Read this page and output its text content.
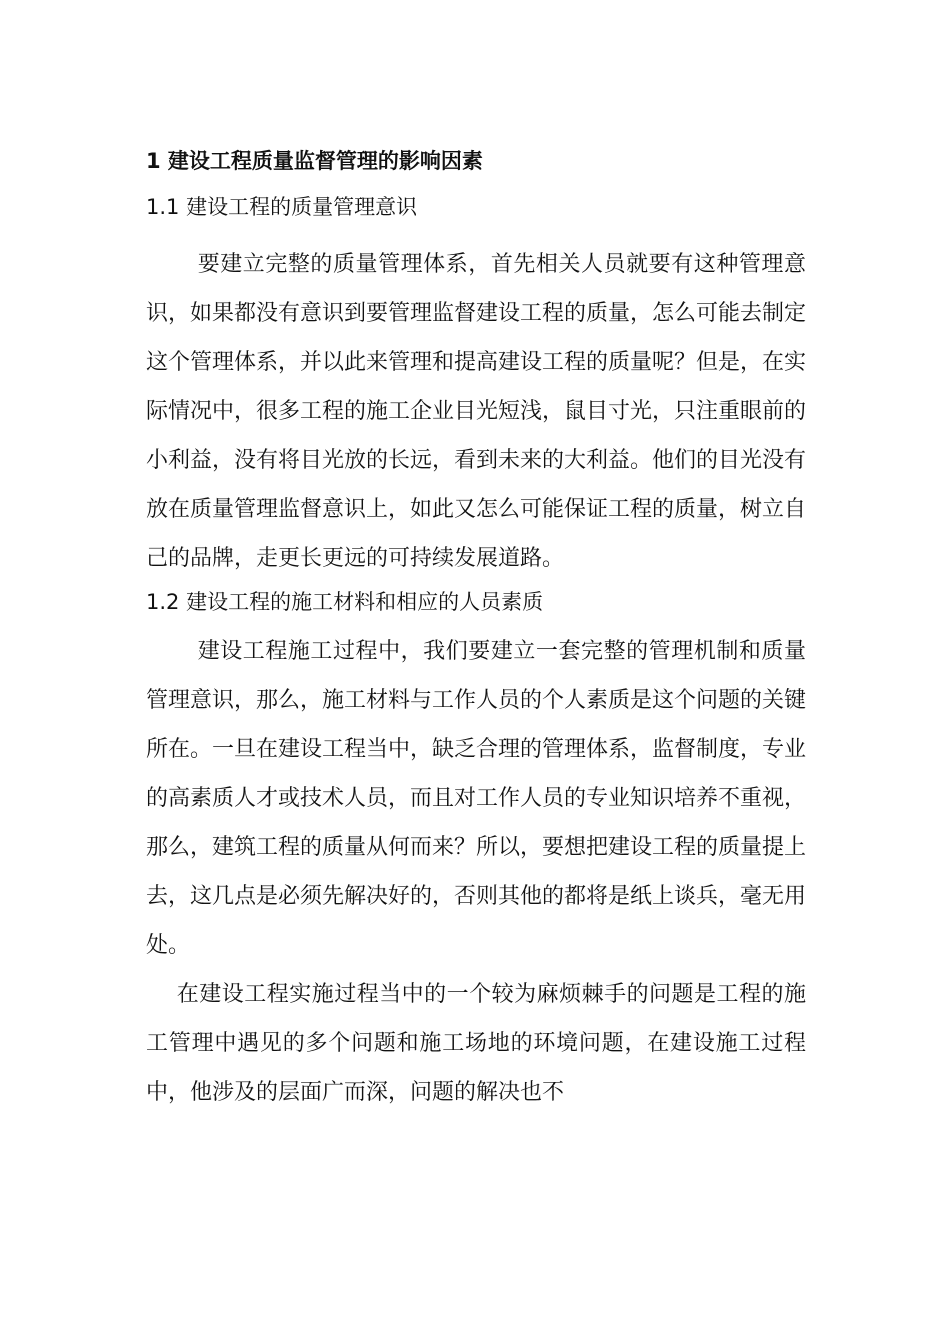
1 建设工程质量监督管理的影响因素
1.1 建设工程的质量管理意识

要建立完整的质量管理体系，首先相关人员就要有这种管理意识，如果都没有意识到要管理监督建设工程的质量，怎么可能去制定这个管理体系，并以此来管理和提高建设工程的质量呢？但是，在实际情况中，很多工程的施工企业目光短浅，鼠目寸光，只注重眼前的小利益，没有将目光放的长远，看到未来的大利益。他们的目光没有放在质量管理监督意识上，如此又怎么可能保证工程的质量，树立自己的品牌，走更长更远的可持续发展道路。

1.2 建设工程的施工材料和相应的人员素质

建设工程施工过程中，我们要建立一套完整的管理机制和质量管理意识，那么，施工材料与工作人员的个人素质是这个问题的关键所在。一旦在建设工程当中，缺乏合理的管理体系，监督制度，专业的高素质人才或技术人员，而且对工作人员的专业知识培养不重视，那么，建筑工程的质量从何而来？所以，要想把建设工程的质量提上去，这几点是必须先解决好的，否则其他的都将是纸上谈兵，毫无用处。

在建设工程实施过程当中的一个较为麻烦棘手的问题是工程的施工管理中遇见的多个问题和施工场地的环境问题，在建设施工过程中，他涉及的层面广而深，问题的解决也不
